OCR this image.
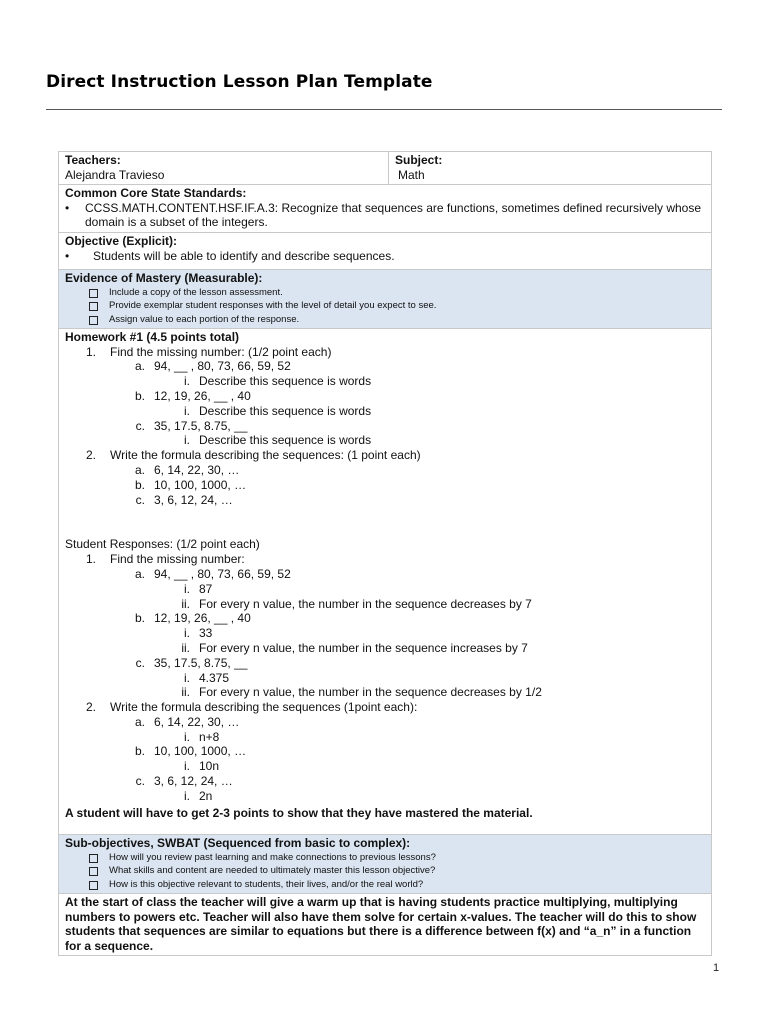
Direct Instruction Lesson Plan Template
Teachers:
Alejandra Travieso	
Subject:
Math

Common Core State Standards:
• CCSS.MATH.CONTENT.HSF.IF.A.3: Recognize that sequences are functions, sometimes defined recursively whose domain is a subset of the integers.

Objective (Explicit):
• Students will be able to identify and describe sequences.

Evidence of Mastery (Measurable):
Include a copy of the lesson assessment.
Provide exemplar student responses with the level of detail you expect to see.
Assign value to each portion of the response.

Homework #1 (4.5 points total)
1. Find the missing number: (1/2 point each)
a. 94, __ , 80, 73, 66, 59, 52
i. Describe this sequence is words
b. 12, 19, 26, __ , 40
i. Describe this sequence is words
c. 35, 17.5, 8.75, __
i. Describe this sequence is words
2. Write the formula describing the sequences: (1 point each)
a. 6, 14, 22, 30, …
b. 10, 100, 1000, …
c. 3, 6, 12, 24, …
Student Responses: (1/2 point each)
1. Find the missing number:
a. 94, __ , 80, 73, 66, 59, 52
i. 87
ii. For every n value, the number in the sequence decreases by 7
b. 12, 19, 26, __ , 40
i. 33
ii. For every n value, the number in the sequence increases by 7
c. 35, 17.5, 8.75, __
i. 4.375
ii. For every n value, the number in the sequence decreases by 1/2
2. Write the formula describing the sequences (1point each):
a. 6, 14, 22, 30, …
i. n+8
b. 10, 100, 1000, …
i. 10n
c. 3, 6, 12, 24, …
i. 2n
A student will have to get 2-3 points to show that they have mastered the material.

Sub-objectives, SWBAT (Sequenced from basic to complex):
How will you review past learning and make connections to previous lessons?
What skills and content are needed to ultimately master this lesson objective?
How is this objective relevant to students, their lives, and/or the real world?

At the start of class the teacher will give a warm up that is having students practice multiplying, multiplying numbers to powers etc. Teacher will also have them solve for certain x-values. The teacher will do this to show students that sequences are similar to equations but there is a difference between f(x) and “a_n” in a function for a sequence.
1
